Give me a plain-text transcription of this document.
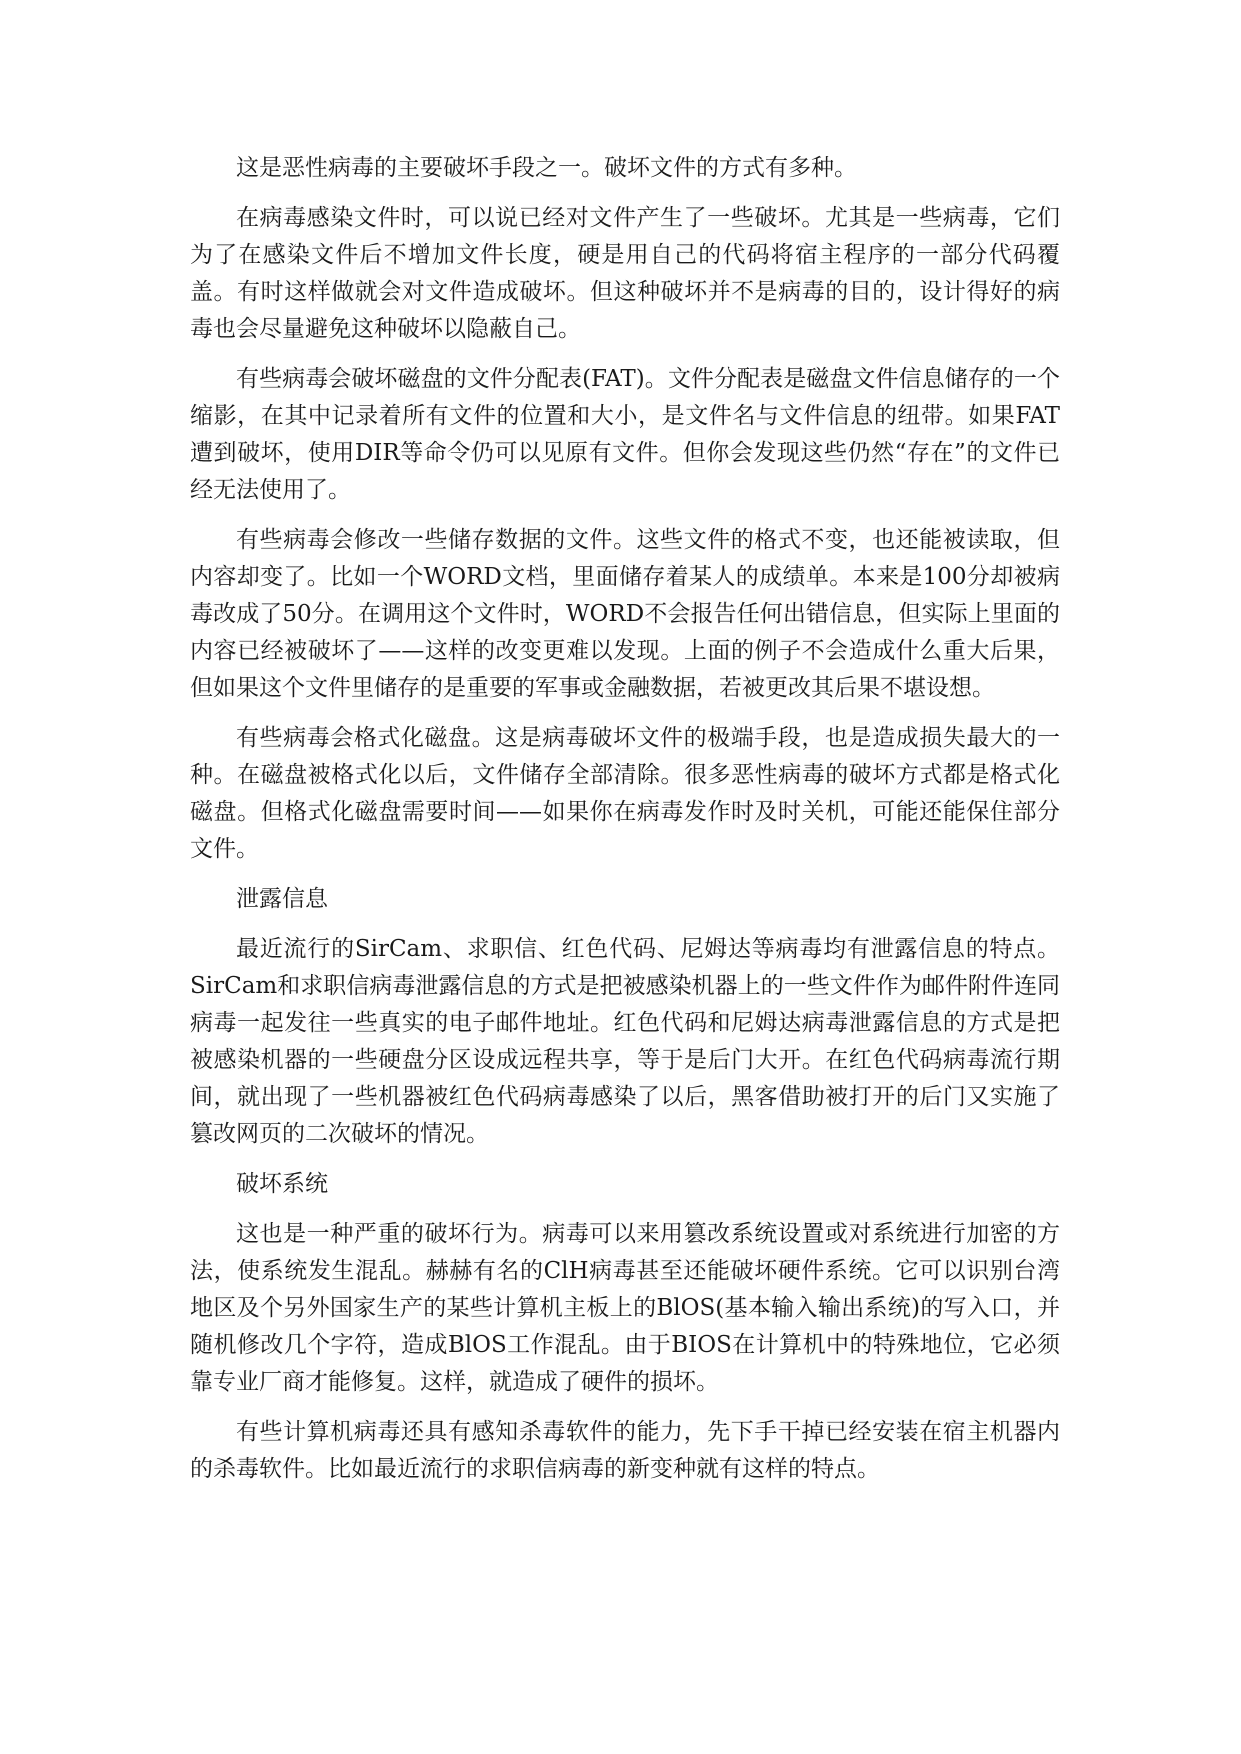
这是恶性病毒的主要破坏手段之一。破坏文件的方式有多种。

在病毒感染文件时，可以说已经对文件产生了一些破坏。尤其是一些病毒，它们为了在感染文件后不增加文件长度，硬是用自己的代码将宿主程序的一部分代码覆盖。有时这样做就会对文件造成破坏。但这种破坏并不是病毒的目的，设计得好的病毒也会尽量避免这种破坏以隐蔽自己。

有些病毒会破坏磁盘的文件分配表(FAT)。文件分配表是磁盘文件信息储存的一个缩影，在其中记录着所有文件的位置和大小，是文件名与文件信息的纽带。如果FAT遭到破坏，使用DIR等命令仍可以见原有文件。但你会发现这些仍然“存在”的文件已经无法使用了。

有些病毒会修改一些储存数据的文件。这些文件的格式不变，也还能被读取，但内容却变了。比如一个WORD文档，里面储存着某人的成绩单。本来是100分却被病毒改成了50分。在调用这个文件时，WORD不会报告任何出错信息，但实际上里面的内容已经被破坏了——这样的改变更难以发现。上面的例子不会造成什么重大后果，但如果这个文件里储存的是重要的军事或金融数据，若被更改其后果不堪设想。

有些病毒会格式化磁盘。这是病毒破坏文件的极端手段，也是造成损失最大的一种。在磁盘被格式化以后，文件储存全部清除。很多恶性病毒的破坏方式都是格式化磁盘。但格式化磁盘需要时间——如果你在病毒发作时及时关机，可能还能保住部分文件。

泄露信息

最近流行的SirCam、求职信、红色代码、尼姆达等病毒均有泄露信息的特点。SirCam和求职信病毒泄露信息的方式是把被感染机器上的一些文件作为邮件附件连同病毒一起发往一些真实的电子邮件地址。红色代码和尼姆达病毒泄露信息的方式是把被感染机器的一些硬盘分区设成远程共享，等于是后门大开。在红色代码病毒流行期间，就出现了一些机器被红色代码病毒感染了以后，黑客借助被打开的后门又实施了篡改网页的二次破坏的情况。

破坏系统

这也是一种严重的破坏行为。病毒可以来用篡改系统设置或对系统进行加密的方法，使系统发生混乱。赫赫有名的ClH病毒甚至还能破坏硬件系统。它可以识别台湾地区及个另外国家生产的某些计算机主板上的BlOS(基本输入输出系统)的写入口，并随机修改几个字符，造成BlOS工作混乱。由于BIOS在计算机中的特殊地位，它必须靠专业厂商才能修复。这样，就造成了硬件的损坏。

有些计算机病毒还具有感知杀毒软件的能力，先下手干掉已经安装在宿主机器内的杀毒软件。比如最近流行的求职信病毒的新变种就有这样的特点。
